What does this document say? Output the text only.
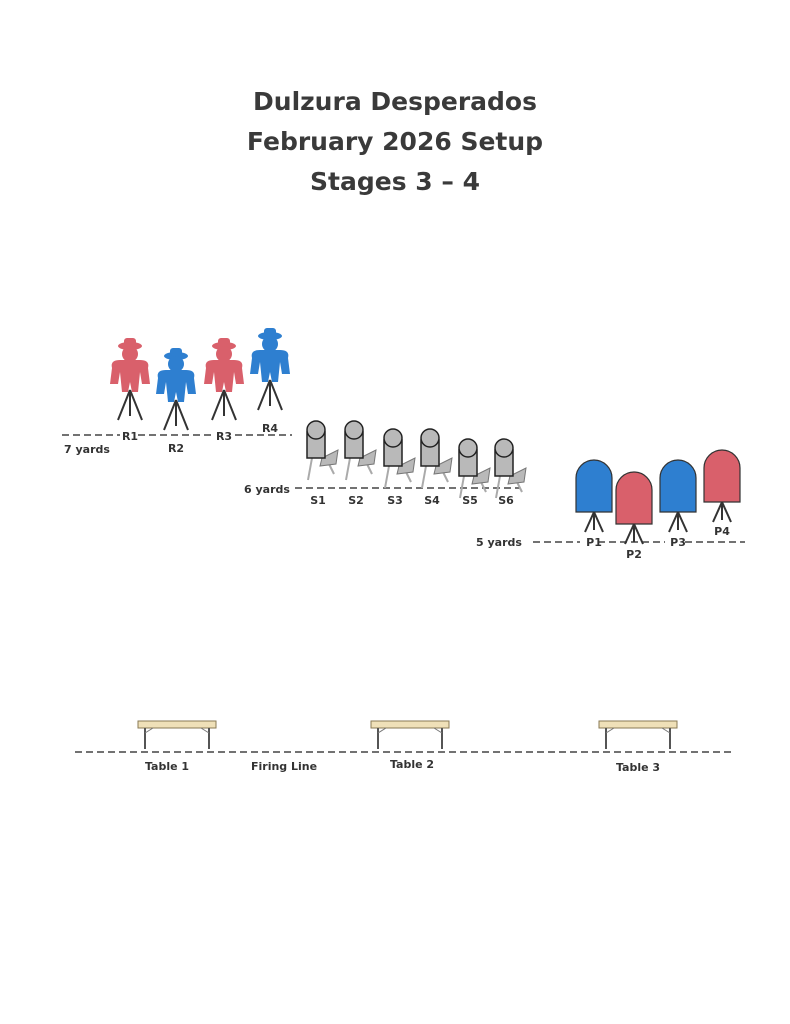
Dulzura Desperados
February 2026 Setup
Stages 3 – 4
7 yards
R1
R2
R3
R4
6 yards
S1 S2 S3 S4 S5 S6
5 yards	P1
P2
P3
P4
Firing Line
Table 1	Table 2	Table 3
